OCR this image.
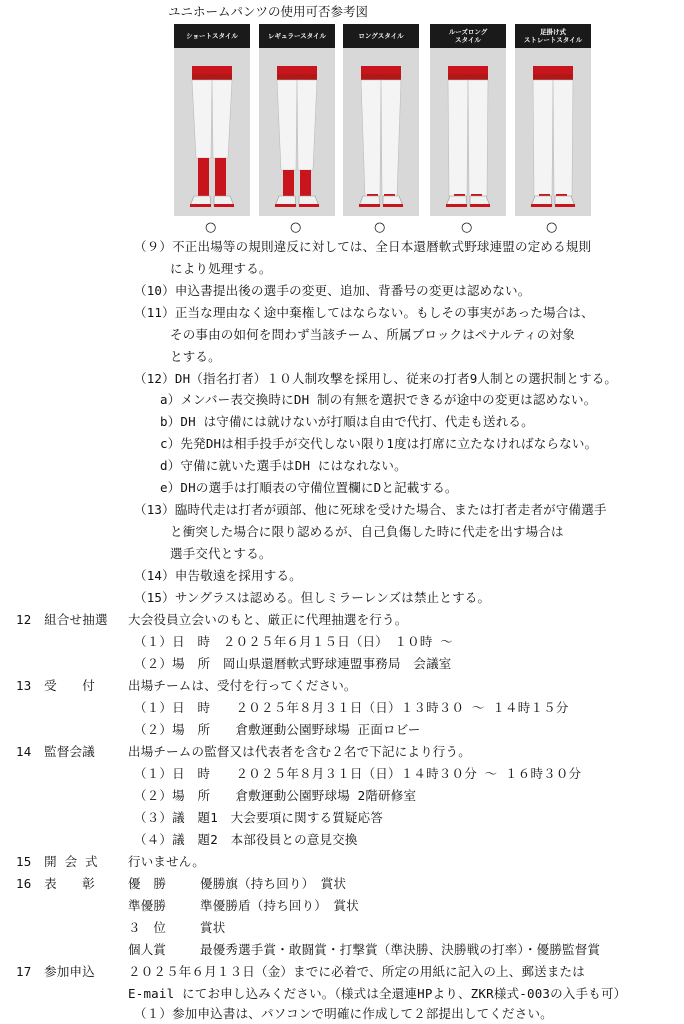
ユニホームパンツの使用可否参考図
ショートスタイル
○
レギュラースタイル
○
ロングスタイル
○
ルーズロング
スタイル
○
足掛け式
ストレートスタイル
○
（９）不正出場等の規則違反に対しては、全日本還暦軟式野球連盟の定める規則
により処理する。
（10）申込書提出後の選手の変更、追加、背番号の変更は認めない。
（11）正当な理由なく途中棄権してはならない。もしその事実があった場合は、
その事由の如何を問わず当該チーム、所属ブロックはペナルティの対象
とする。
（12）DH（指名打者）１０人制攻撃を採用し、従来の打者9人制との選択制とする。
a）メンバー表交換時にDH 制の有無を選択できるが途中の変更は認めない。
b）DH は守備には就けないが打順は自由で代打、代走も送れる。
c）先発DHは相手投手が交代しない限り1度は打席に立たなければならない。
d）守備に就いた選手はDH にはなれない。
e）DHの選手は打順表の守備位置欄にDと記載する。
（13）臨時代走は打者が頭部、他に死球を受けた場合、または打者走者が守備選手
と衝突した場合に限り認めるが、自己負傷した時に代走を出す場合は
選手交代とする。
（14）申告敬遠を採用する。
（15）サングラスは認める。但しミラーレンズは禁止とする。
12　組合せ抽選 大会役員立会いのもと、厳正に代理抽選を行う。
（１）日　時　２０２５年６月１５日（日）　１０時 ～
（２）場　所　岡山県還暦軟式野球連盟事務局　会議室
13　受　　付	出場チームは、受付を行ってください。
（１）日　時　　２０２５年８月３１日（日）１３時３０ ～ １４時１５分
（２）場　所　　倉敷運動公園野球場 正面ロビー
14　監督会議	出場チームの監督又は代表者を含む２名で下記により行う。
（１）日　時　　２０２５年８月３１日（日）１４時３０分 ～ １６時３０分
（２）場　所　　倉敷運動公園野球場 2階研修室
（３）議　題1　大会要項に関する質疑応答
（４）議　題2　本部役員との意見交換
15　開 会 式 行いません。
16　表　　彰	優　勝	優勝旗（持ち回り）　賞状
準優勝	準優勝盾（持ち回り）　賞状
３　位	賞状
個人賞	最優秀選手賞・敢闘賞・打撃賞（準決勝、決勝戦の打率）・優勝監督賞
17　参加申込	２０２５年６月１３日（金）までに必着で、所定の用紙に記入の上、郵送または
E-mail にてお申し込みください。（様式は全還連HPより、ZKR様式-003の入手も可）
（１）参加申込書は、パソコンで明確に作成して２部提出してください。
